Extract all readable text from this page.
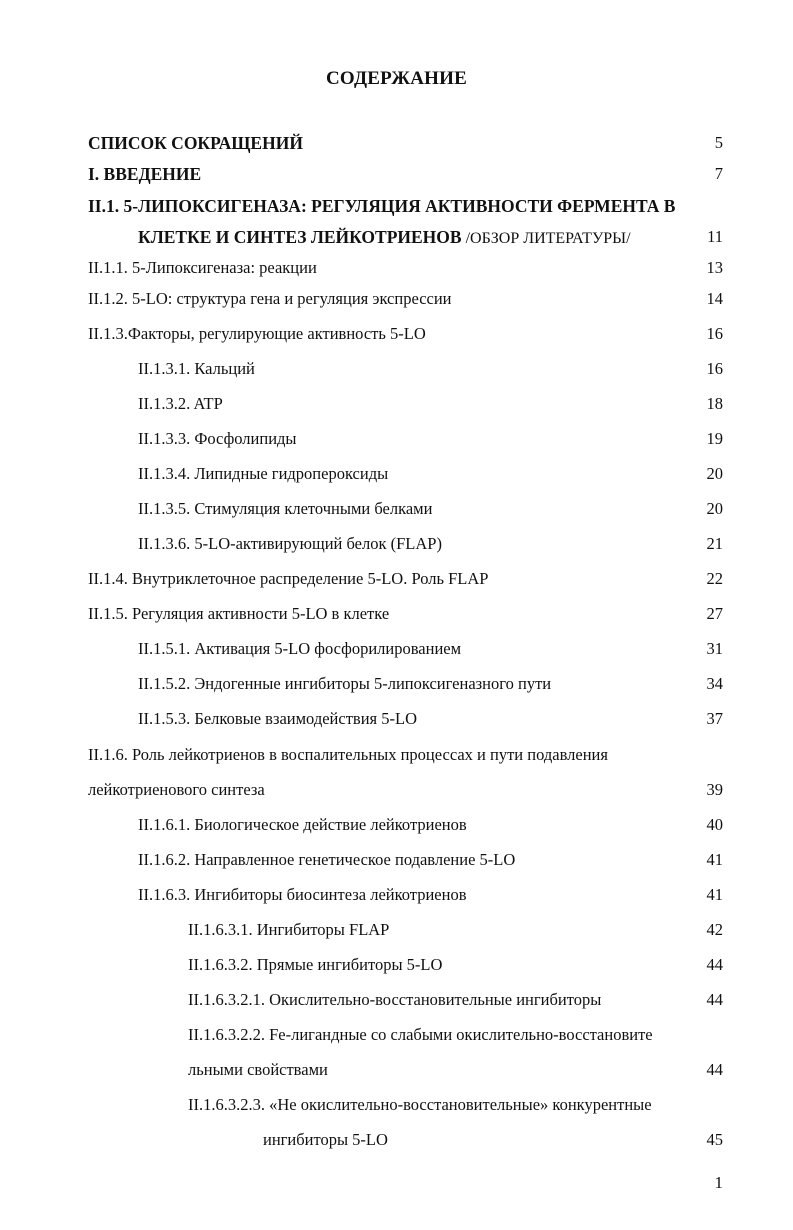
СОДЕРЖАНИЕ
СПИСОК СОКРАЩЕНИЙ	5
I. ВВЕДЕНИЕ	7
II.1. 5-ЛИПОКСИГЕНАЗА: РЕГУЛЯЦИЯ АКТИВНОСТИ ФЕРМЕНТА В
КЛЕТКЕ И СИНТЕЗ ЛЕЙКОТРИЕНОВ /ОБЗОР ЛИТЕРАТУРЫ/	11
II.1.1. 5-Липоксигеназа: реакции	13
II.1.2. 5-LO: структура гена и регуляция экспрессии	14
II.1.3.Факторы, регулирующие активность 5-LO	16
II.1.3.1. Кальций	16
II.1.3.2. ATP	18
II.1.3.3. Фосфолипиды	19
II.1.3.4. Липидные гидропероксиды	20
II.1.3.5. Стимуляция клеточными белками	20
II.1.3.6. 5-LO-активирующий белок (FLAP)	21
II.1.4. Внутриклеточное распределение 5-LO. Роль FLAP	22
II.1.5. Регуляция активности 5-LO в клетке	27
II.1.5.1. Активация 5-LO фосфорилированием	31
II.1.5.2. Эндогенные ингибиторы 5-липоксигеназного пути	34
II.1.5.3. Белковые взаимодействия 5-LO	37
II.1.6. Роль лейкотриенов в воспалительных процессах и пути подавления
лейкотриенового синтеза	39
II.1.6.1. Биологическое действие лейкотриенов	40
II.1.6.2. Направленное генетическое подавление 5-LO	41
II.1.6.3. Ингибиторы биосинтеза лейкотриенов	41
II.1.6.3.1. Ингибиторы FLAP	42
II.1.6.3.2. Прямые ингибиторы 5-LO	44
II.1.6.3.2.1. Окислительно-восстановительные ингибиторы	44
II.1.6.3.2.2. Fe-лигандные со слабыми окислительно-восстановите
льными свойствами	44
II.1.6.3.2.3. «Не окислительно-восстановительные» конкурентные
ингибиторы 5-LO	45
1
